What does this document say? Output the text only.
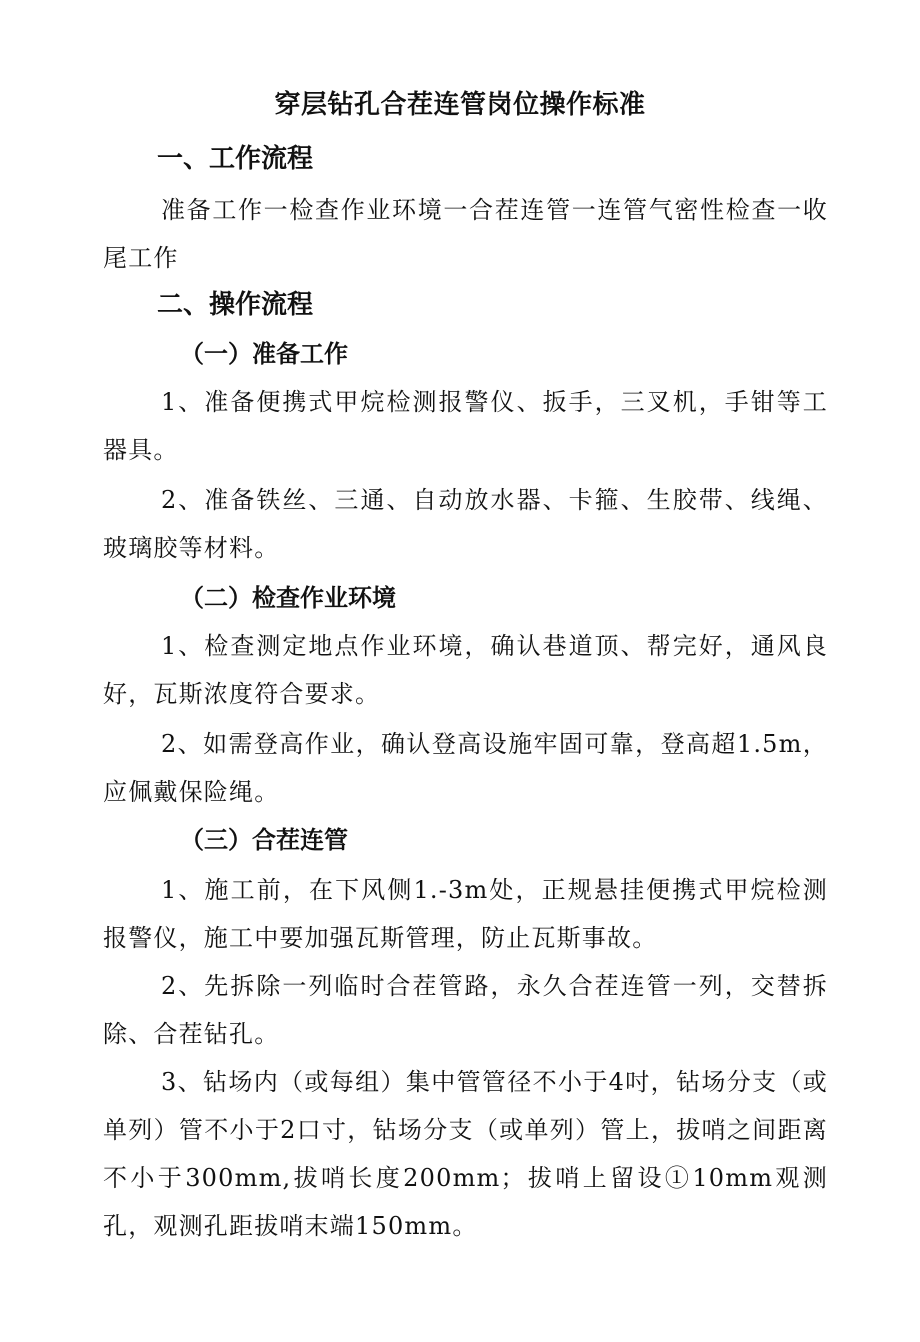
穿层钻孔合茬连管岗位操作标准
一、工作流程
准备工作一检查作业环境一合茬连管一连管气密性检查一收尾工作
二、操作流程
（一）准备工作
1、准备便携式甲烷检测报警仪、扳手，三叉机，手钳等工器具。
2、准备铁丝、三通、自动放水器、卡箍、生胶带、线绳、玻璃胶等材料。
（二）检查作业环境
1、检查测定地点作业环境，确认巷道顶、帮完好，通风良好，瓦斯浓度符合要求。
2、如需登高作业，确认登高设施牢固可靠，登高超1.5m，应佩戴保险绳。
（三）合茬连管
1、施工前，在下风侧1.-3m处，正规悬挂便携式甲烷检测报警仪，施工中要加强瓦斯管理，防止瓦斯事故。
2、先拆除一列临时合茬管路，永久合茬连管一列，交替拆除、合茬钻孔。
3、钻场内（或每组）集中管管径不小于4吋，钻场分支（或单列）管不小于2口寸，钻场分支（或单列）管上，拔哨之间距离不小于300mm,拔哨长度200mm；拔哨上留设①10mm观测孔，观测孔距拔哨末端150mm。
